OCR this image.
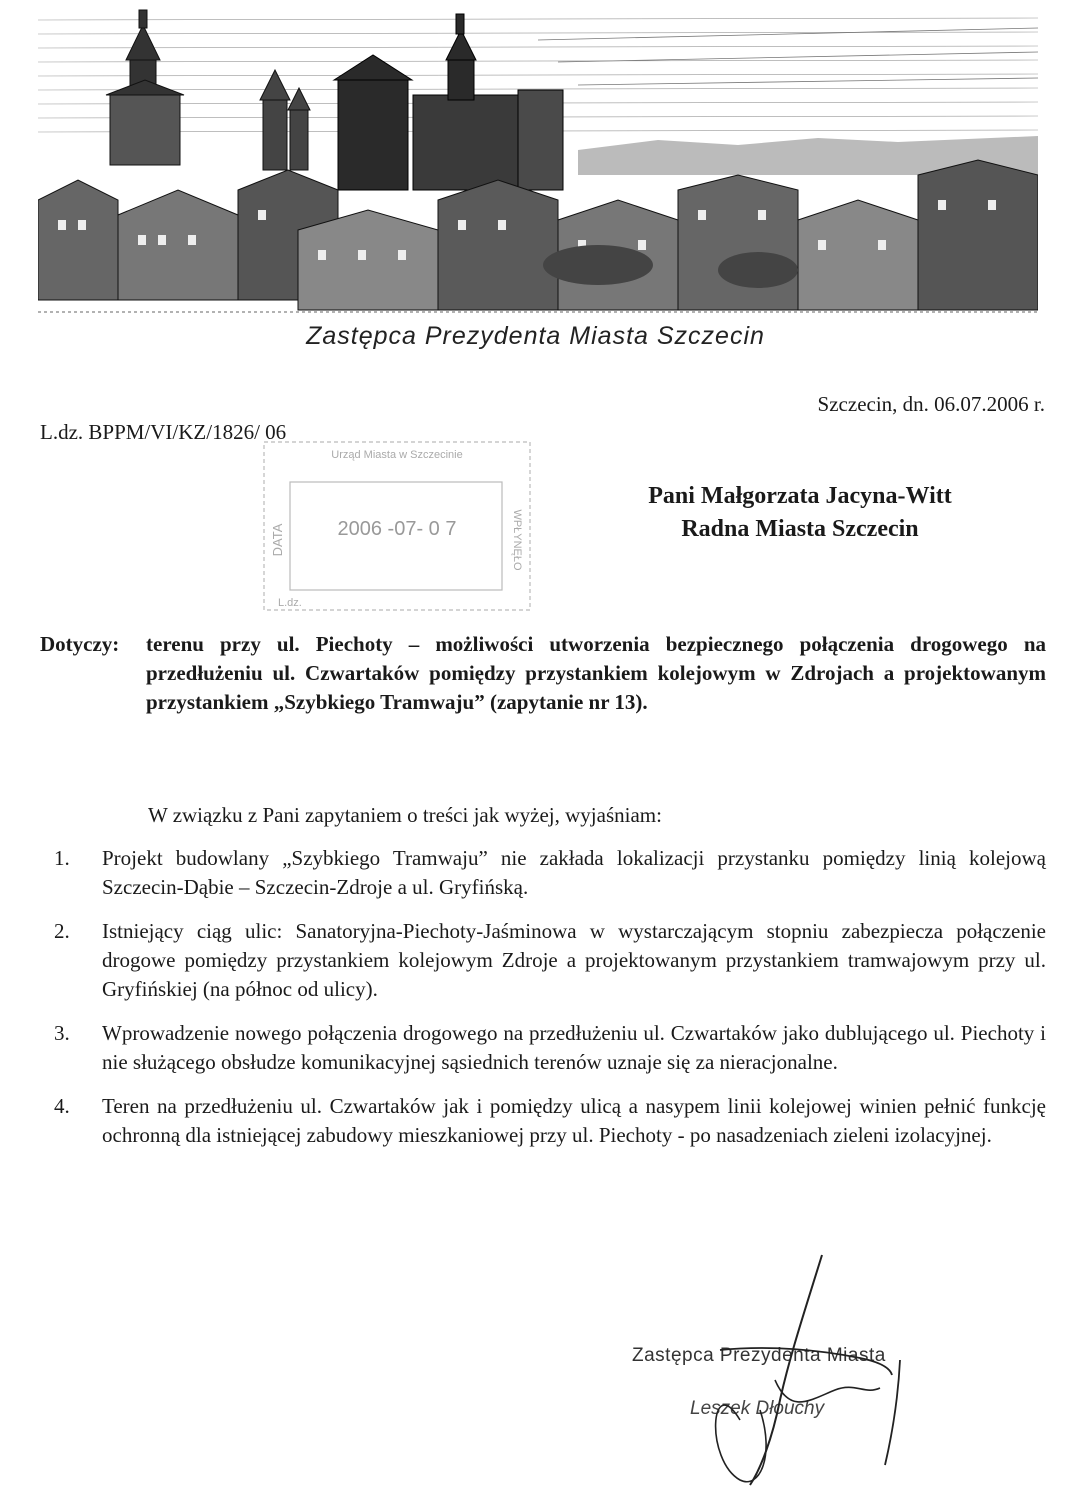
Zastępca Prezydenta Miasta Szczecin
Szczecin, dn. 06.07.2006 r.
L.dz. BPPM/VI/KZ/1826/ 06
Urząd Miasta w Szczecinie
2006 -07- 0 7
DATA	WPŁYNĘŁO
L.dz.
Pani Małgorzata Jacyna-Witt
Radna Miasta Szczecin
Dotyczy:	terenu przy ul. Piechoty – możliwości utworzenia bezpiecznego połączenia drogowego na przedłużeniu ul. Czwartaków pomiędzy przystankiem kolejowym w Zdrojach a projektowanym przystankiem „Szybkiego Tramwaju” (zapytanie nr 13).
W związku z Pani zapytaniem o treści jak wyżej, wyjaśniam:
1.	Projekt budowlany „Szybkiego Tramwaju” nie zakłada lokalizacji przystanku pomiędzy linią kolejową Szczecin-Dąbie – Szczecin-Zdroje a ul. Gryfińską.
2.	Istniejący ciąg ulic: Sanatoryjna-Piechoty-Jaśminowa w wystarczającym stopniu zabezpiecza połączenie drogowe pomiędzy przystankiem kolejowym Zdroje a projektowanym przystankiem tramwajowym przy ul. Gryfińskiej (na północ od ulicy).
3.	Wprowadzenie nowego połączenia drogowego na przedłużeniu ul. Czwartaków jako dublującego ul. Piechoty i nie służącego obsłudze komunikacyjnej sąsiednich terenów uznaje się za nieracjonalne.
4.	Teren na przedłużeniu ul. Czwartaków jak i pomiędzy ulicą a nasypem linii kolejowej winien pełnić funkcję ochronną dla istniejącej zabudowy mieszkaniowej przy ul. Piechoty - po nasadzeniach zieleni izolacyjnej.
Zastępca Prezydenta Miasta
Leszek Dłouchy
